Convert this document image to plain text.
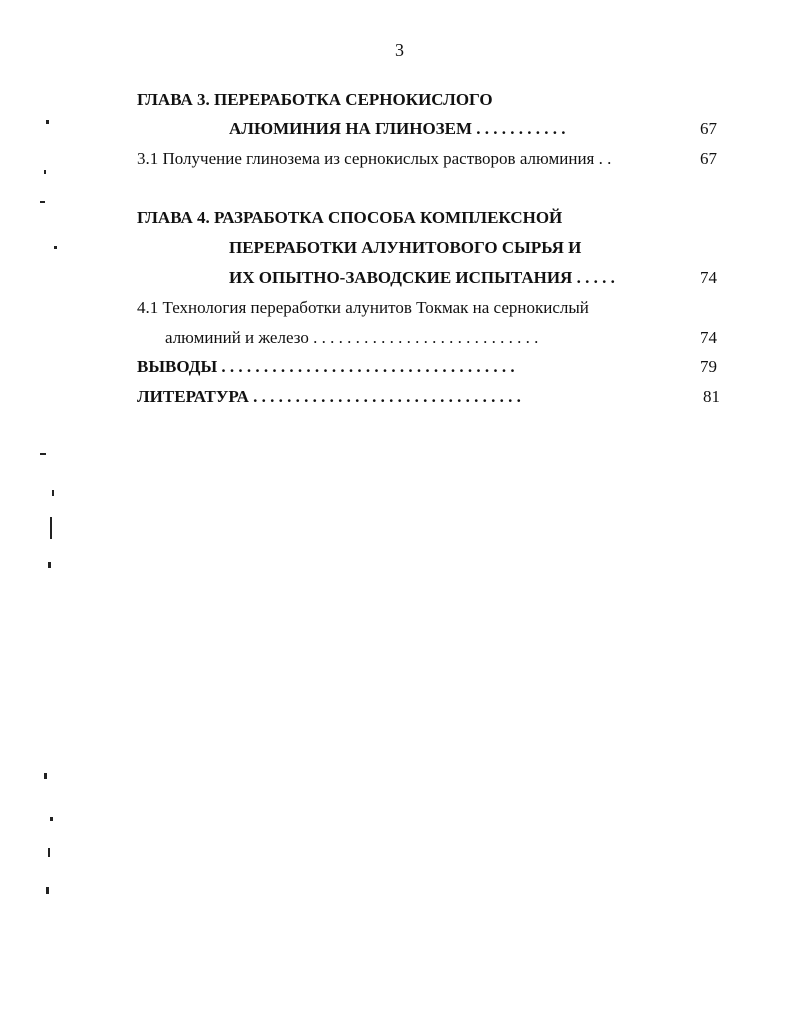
3
ГЛАВА 3. ПЕРЕРАБОТКА СЕРНОКИСЛОГО
АЛЮМИНИЯ НА ГЛИНОЗЕМ . . . . . . . . . . .	67
3.1 Получение глинозема из сернокислых растворов алюминия . .	67
ГЛАВА 4. РАЗРАБОТКА СПОСОБА КОМПЛЕКСНОЙ
ПЕРЕРАБОТКИ АЛУНИТОВОГО СЫРЬЯ И
ИХ ОПЫТНО-ЗАВОДСКИЕ ИСПЫТАНИЯ . . . . .	74
4.1 Технология переработки алунитов Токмак на сернокислый
алюминий и железо . . . . . . . . . . . . . . . . . . . . . . . . . . .	74
ВЫВОДЫ . . . . . . . . . . . . . . . . . . . . . . . . . . . . . . . . . . .	79
ЛИТЕРАТУРА . . . . . . . . . . . . . . . . . . . . . . . . . . . . . . . .	81
